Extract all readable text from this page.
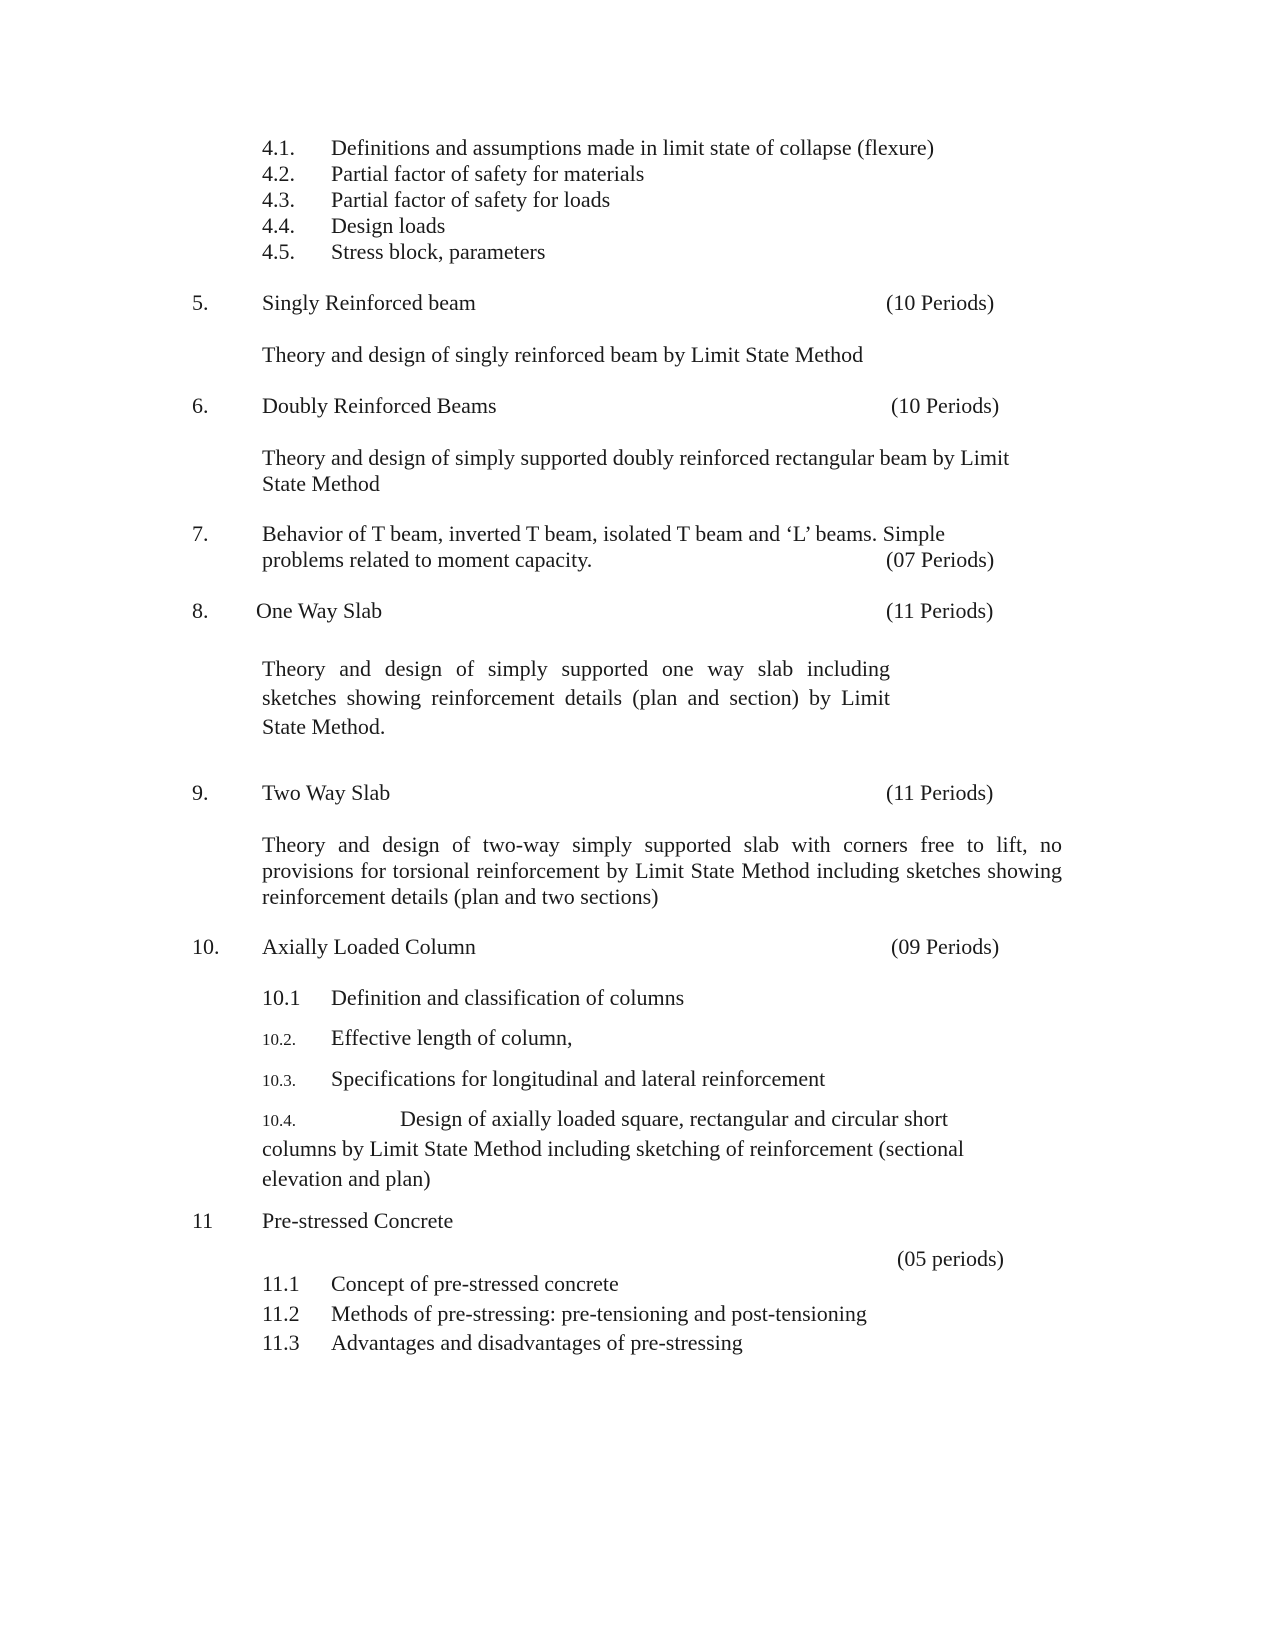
4.1. Definitions and assumptions made in limit state of collapse (flexure)
4.2. Partial factor of safety for materials
4.3. Partial factor of safety for loads
4.4. Design loads
4.5. Stress block, parameters
5. Singly Reinforced beam	(10 Periods)
Theory and design of singly reinforced beam by Limit State Method
6. Doubly Reinforced Beams	(10 Periods)
Theory and design of simply supported doubly reinforced rectangular beam by Limit
State Method
7. Behavior of T beam, inverted T beam, isolated T beam and ‘L’ beams. Simple
problems related to moment capacity.	(07 Periods)
8. One Way Slab	(11 Periods)
Theory and design of simply supported one way slab including sketches showing reinforcement details (plan and section) by Limit State Method.
9. Two Way Slab	(11 Periods)
Theory and design of two-way simply supported slab with corners free to lift, no provisions for torsional reinforcement by Limit State Method including sketches showing reinforcement details (plan and two sections)
10. Axially Loaded Column	(09 Periods)
10.1 Definition and classification of columns
10.2. Effective length of column,
10.3. Specifications for longitudinal and lateral reinforcement
10.4.	Design of axially loaded square, rectangular and circular short
columns by Limit State Method including sketching of reinforcement (sectional
elevation and plan)
11 Pre-stressed Concrete
(05 periods)
11.1 Concept of pre-stressed concrete
11.2 Methods of pre-stressing: pre-tensioning and post-tensioning
11.3 Advantages and disadvantages of pre-stressing
